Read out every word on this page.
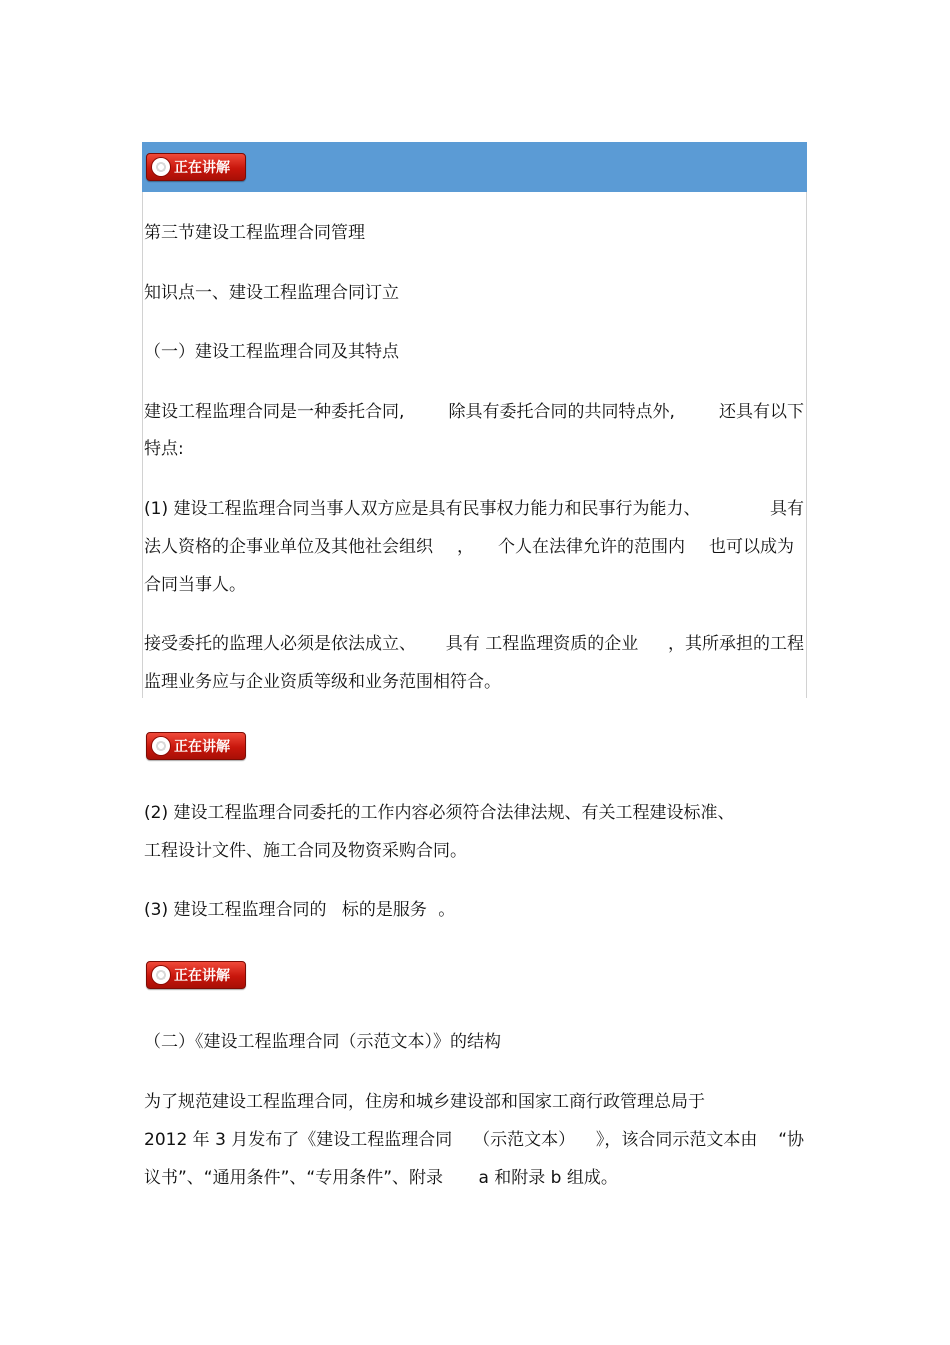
正在讲解
第三节建设工程监理合同管理
知识点一、建设工程监理合同订立
（一）建设工程监理合同及其特点
建设工程监理合同是一种委托合同,	除具有委托合同的共同特点外,	还具有以下
特点:
(1) 建设工程监理合同当事人双方应是具有民事权力能力和民事行为能力、	具有
法人资格的企事业单位及其他社会组织 ， 个人在法律允许的范围内 也可以成为
合同当事人。
接受委托的监理人必须是依法成立、 具有 工程监理资质的企业 ，其所承担的工程
监理业务应与企业资质等级和业务范围相符合。
正在讲解
(2) 建设工程监理合同委托的工作内容必须符合法律法规、有关工程建设标准、
工程设计文件、施工合同及物资采购合同。
(3) 建设工程监理合同的 标的是服务 。
正在讲解
（二）《建设工程监理合同（示范文本）》的结构
为了规范建设工程监理合同，住房和城乡建设部和国家工商行政管理总局于
2012 年 3 月发布了《建设工程监理合同 （示范文本） 》，该合同示范文本由 “协
议书”、“通用条件”、“专用条件”、附录 a 和附录 b 组成。
